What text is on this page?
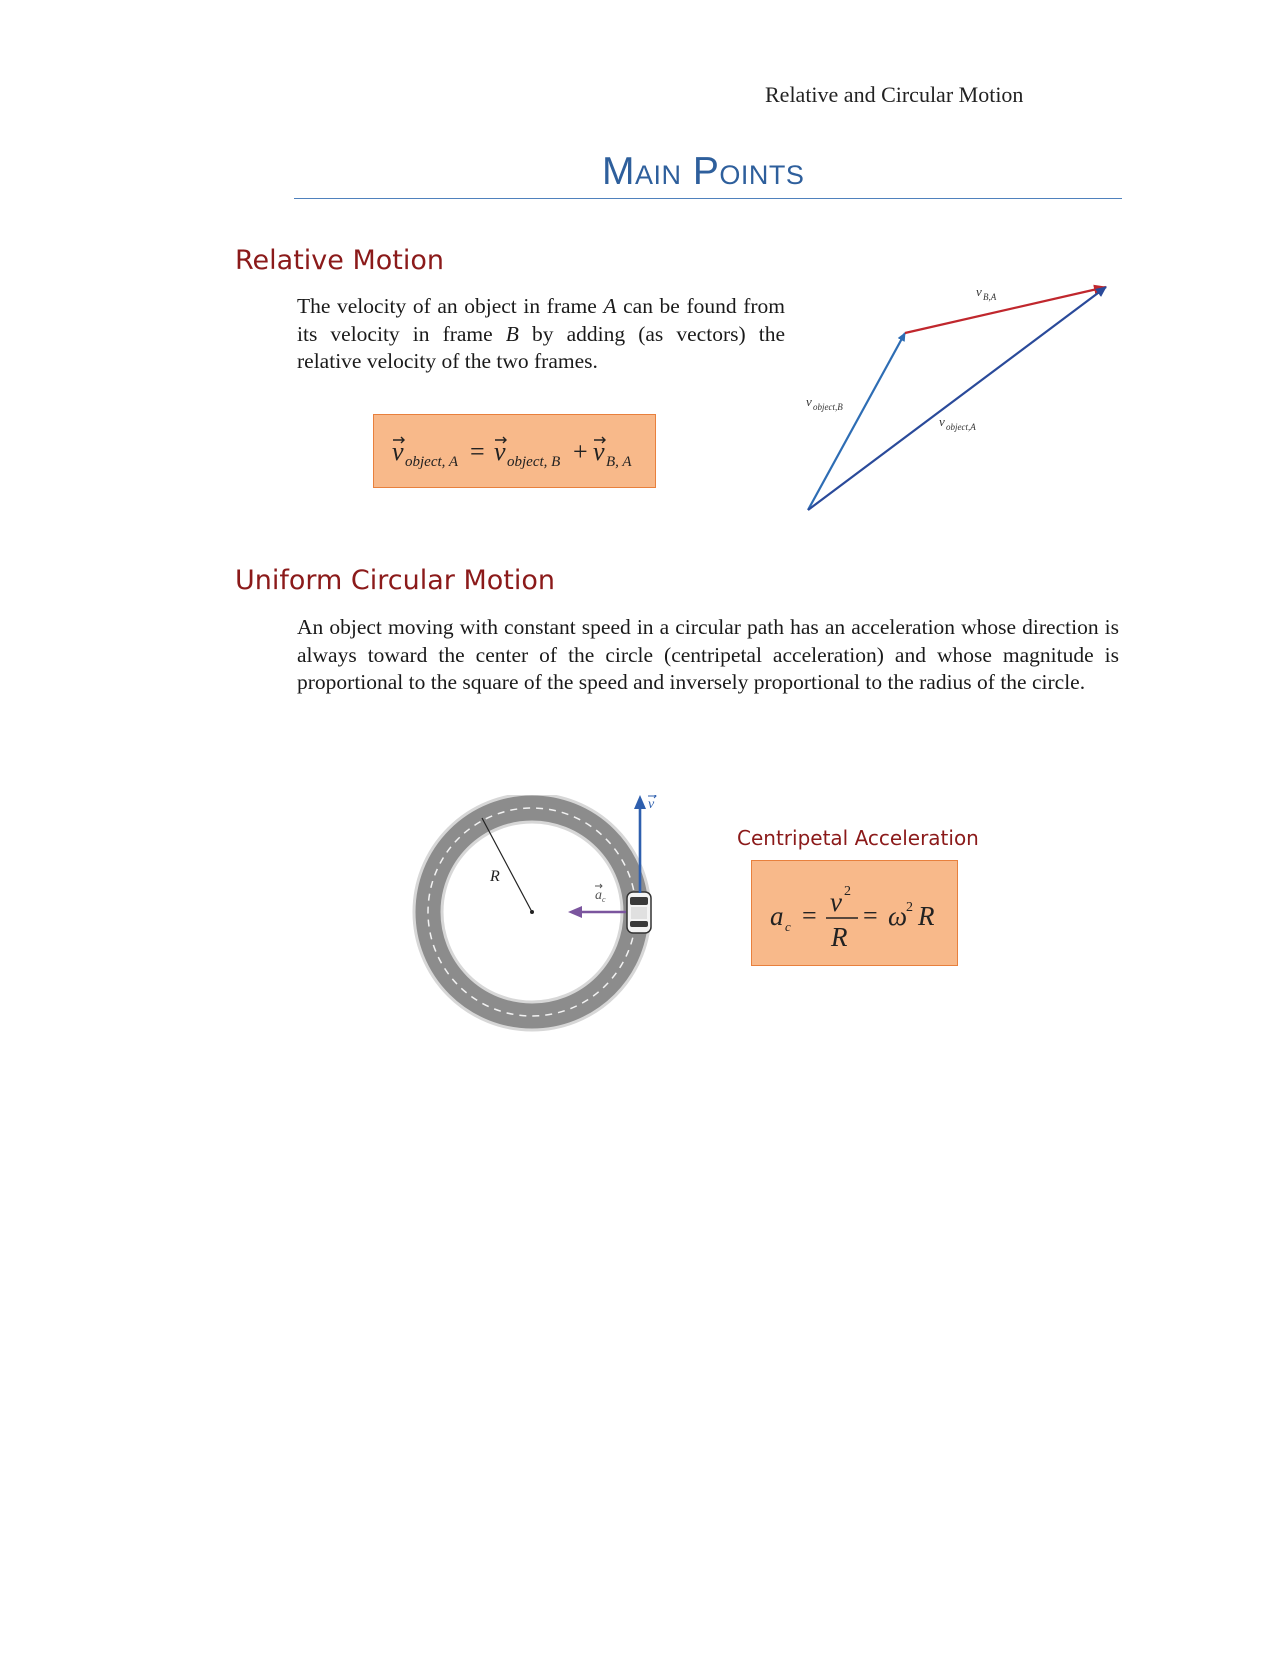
Relative and Circular Motion
Main Points
Relative Motion
The velocity of an object in frame A can be found from its velocity in frame B by adding (as vectors) the relative velocity of the two frames.
v object, A = v object, B + v B, A
v B,A
v object,B
v object,A
Uniform Circular Motion
An object moving with constant speed in a circular path has an acceleration whose direction is always toward the center of the circle (centripetal acceleration) and whose magnitude is proportional to the square of the speed and inversely proportional to the radius of the circle.
R
v
a c
Centripetal Acceleration
a c = v 2
R
= ω
2 R
